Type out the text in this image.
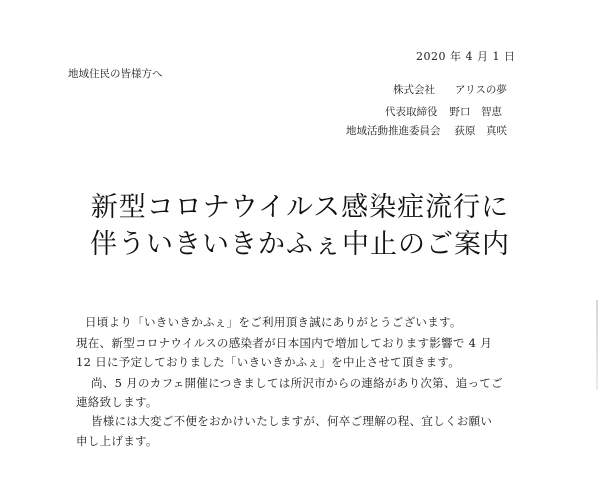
2020 年 4 月 1 日
地域住民の皆様方へ
株式会社 アリスの夢
代表取締役 野口　智恵
地域活動推進委員会 荻原　真咲
新型コロナウイルス感染症流行に
伴ういきいきかふぇ中止のご案内
日頃より「いきいきかふぇ」をご利用頂き誠にありがとうございます。
現在、新型コロナウイルスの感染者が日本国内で増加しております影響で 4 月
12 日に予定しておりました「いきいきかふぇ」を中止させて頂きます。
尚、5 月のカフェ開催につきましては所沢市からの連絡があり次第、追ってご
連絡致します。
皆様には大変ご不便をおかけいたしますが、何卒ご理解の程、宜しくお願い
申し上げます。
